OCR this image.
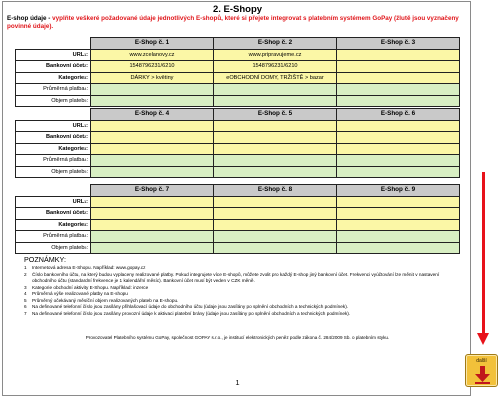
2. E-Shopy
E-shop údaje - vyplňte veškeré požadované údaje jednotlivých E-shopů, které si přejete integrovat s platebním systémem GoPay (žlutě jsou vyznačeny povinné údaje).
	E-Shop č. 1	E-Shop č. 2	E-Shop č. 3
URL$^1$:	www.zcelanovy.cz	www.pripravujeme.cz	
Bankovní účet$^2$:	1548796231/6210	1548796231/6210	
Kategorie$^3$:	DÁRKY > květiny	eOBCHODNÍ DOMY, TRŽIŠTĚ > bazar	
Průměrná platba$^4$:			
Objem plateb$^5$:			
	E-Shop č. 4	E-Shop č. 5	E-Shop č. 6
URL$^1$:			
Bankovní účet$^2$:			
Kategorie$^3$:			
Průměrná platba$^4$:			
Objem plateb$^5$:			
	E-Shop č. 7	E-Shop č. 8	E-Shop č. 9
URL$^1$:			
Bankovní účet$^2$:			
Kategorie$^3$:			
Průměrná platba$^4$:			
Objem plateb$^5$:			
POZNÁMKY:
1	Internetová adresa E-Shopu. Například: www.gopay.cz
2	Číslo bankovního účtu, na který budou vyplaceny realizované platby. Pokud integrujete více E-shopů, můžete zvolit pro každý E-shop jiný bankovní účet. Frekvenci vyúčtování lze měnit v nastavení obchodního účtu (standardní frekvence je 1 kalendářní měsíc). Bankovní účet musí být veden v CZK měně.
3	Kategorie obchodní aktivity E-Shopu. Například: inzerce
4	Průměrná výše realizované platby na E-shopu
5	Průměrný očekávaný měsíční objem realizovaných plateb na E-shopu.
6	Na definované telefonní číslo jsou zasílány přihlašovací údaje do obchodního účtu (údaje jsou zasílány po splnění obchodních a technických podmínek).
7	Na definované telefonní číslo jsou zasílány provozní údaje k aktivaci platební brány (údaje jsou zasílány po splnění obchodních a technických podmínek).
Provozovatel Platebního systému GoPay, společnost GOPAY s.r.o., je institucí elektronických peněz podle zákona č. 284/2009 Sb. o platebním styku.
1
další
